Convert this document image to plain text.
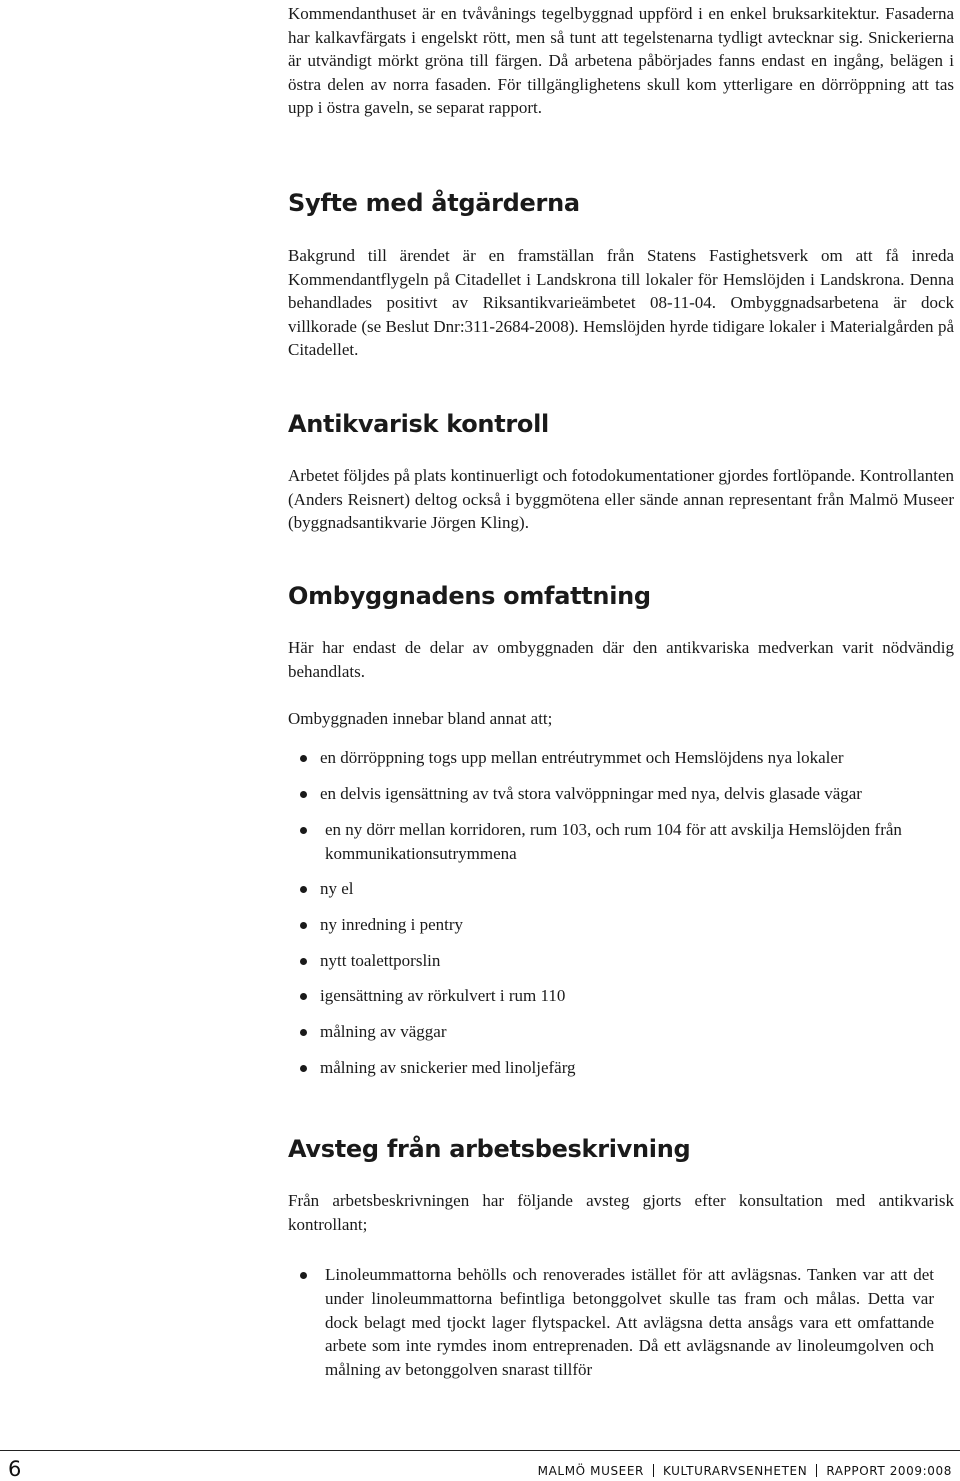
Kommendanthuset är en tvåvånings tegelbyggnad uppförd i en enkel bruksarkitektur. Fasaderna har kalkavfärgats i engelskt rött, men så tunt att tegelstenarna tydligt avtecknar sig. Snickerierna är utvändigt mörkt gröna till färgen. Då arbetena påbörjades fanns endast en ingång, belägen i östra delen av norra fasaden. För tillgänglighetens skull kom ytterligare en dörröppning att tas upp i östra gaveln, se separat rapport.

Syfte med åtgärderna

Bakgrund till ärendet är en framställan från Statens Fastighetsverk om att få inreda Kommendantflygeln på Citadellet i Landskrona till lokaler för Hemslöjden i Landskrona. Denna behandlades positivt av Riksantikvarieämbetet 08-11-04. Ombyggnadsarbetena är dock villkorade (se Beslut Dnr:311-2684-2008). Hemslöjden hyrde tidigare lokaler i Materialgården på Citadellet.

Antikvarisk kontroll

Arbetet följdes på plats kontinuerligt och fotodokumentationer gjordes fortlöpande. Kontrollanten (Anders Reisnert) deltog också i byggmötena eller sände annan representant från Malmö Museer (byggnadsantikvarie Jörgen Kling).

Ombyggnadens omfattning

Här har endast de delar av ombyggnaden där den antikvariska medverkan varit nödvändig behandlats.

Ombyggnaden innebar bland annat att;

en dörröppning togs upp mellan entréutrymmet och Hemslöjdens nya lokaler
en delvis igensättning av två stora valvöppningar med nya, delvis glasade vägar
en ny dörr mellan korridoren, rum 103, och rum 104 för att avskilja Hemslöjden från kommunikationsutrymmena
ny el
ny inredning i pentry
nytt toalettporslin
igensättning av rörkulvert i rum 110
målning av väggar
målning av snickerier med linoljefärg
Avsteg från arbetsbeskrivning

Från arbetsbeskrivningen har följande avsteg gjorts efter konsultation med antikvarisk kontrollant;

Linoleummattorna behölls och renoverades istället för att avlägsnas. Tanken var att det under linoleummattorna befintliga betonggolvet skulle tas fram och målas. Detta var dock belagt med tjockt lager flytspackel. Att avlägsna detta ansågs vara ett omfattande arbete som inte rymdes inom entreprenaden. Då ett avlägsnande av linoleumgolven och målning av betonggolven snarast tillför
6	MALMÖ MUSEER KULTURARVSENHETEN RAPPORT 2009:008
